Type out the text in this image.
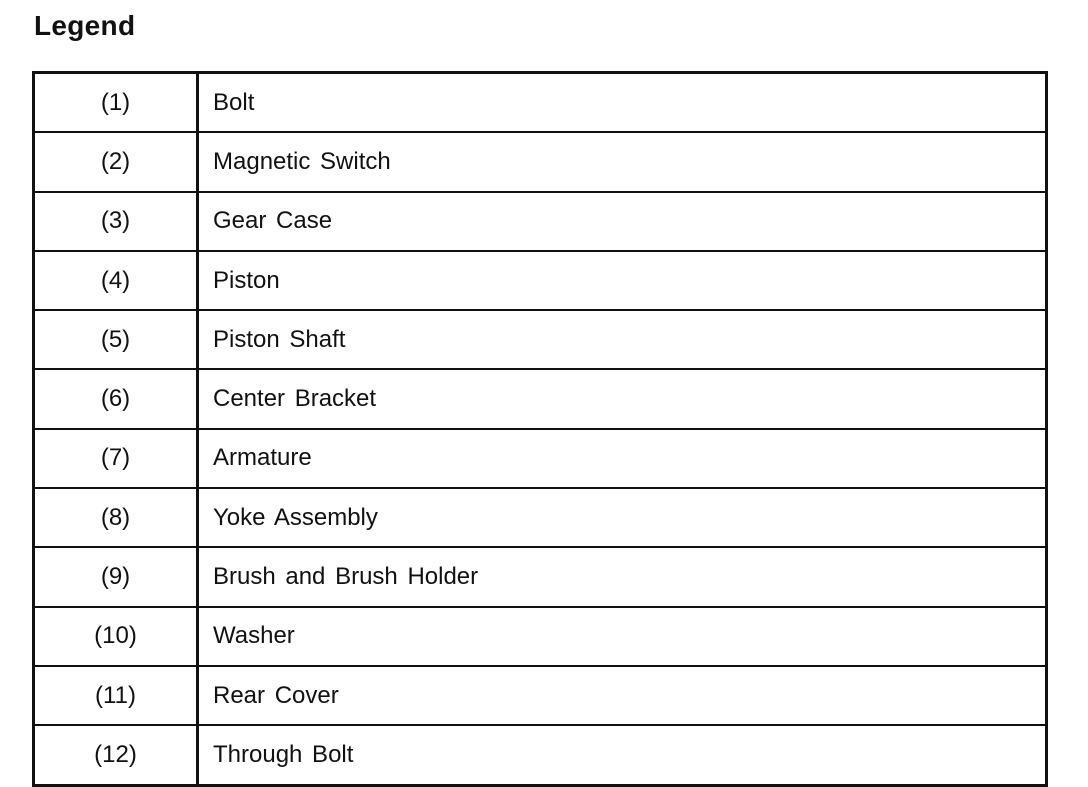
Legend
(1)	Bolt
(2)	Magnetic Switch
(3)	Gear Case
(4)	Piston
(5)	Piston Shaft
(6)	Center Bracket
(7)	Armature
(8)	Yoke Assembly
(9)	Brush and Brush Holder
(10)	Washer
(11)	Rear Cover
(12)	Through Bolt
